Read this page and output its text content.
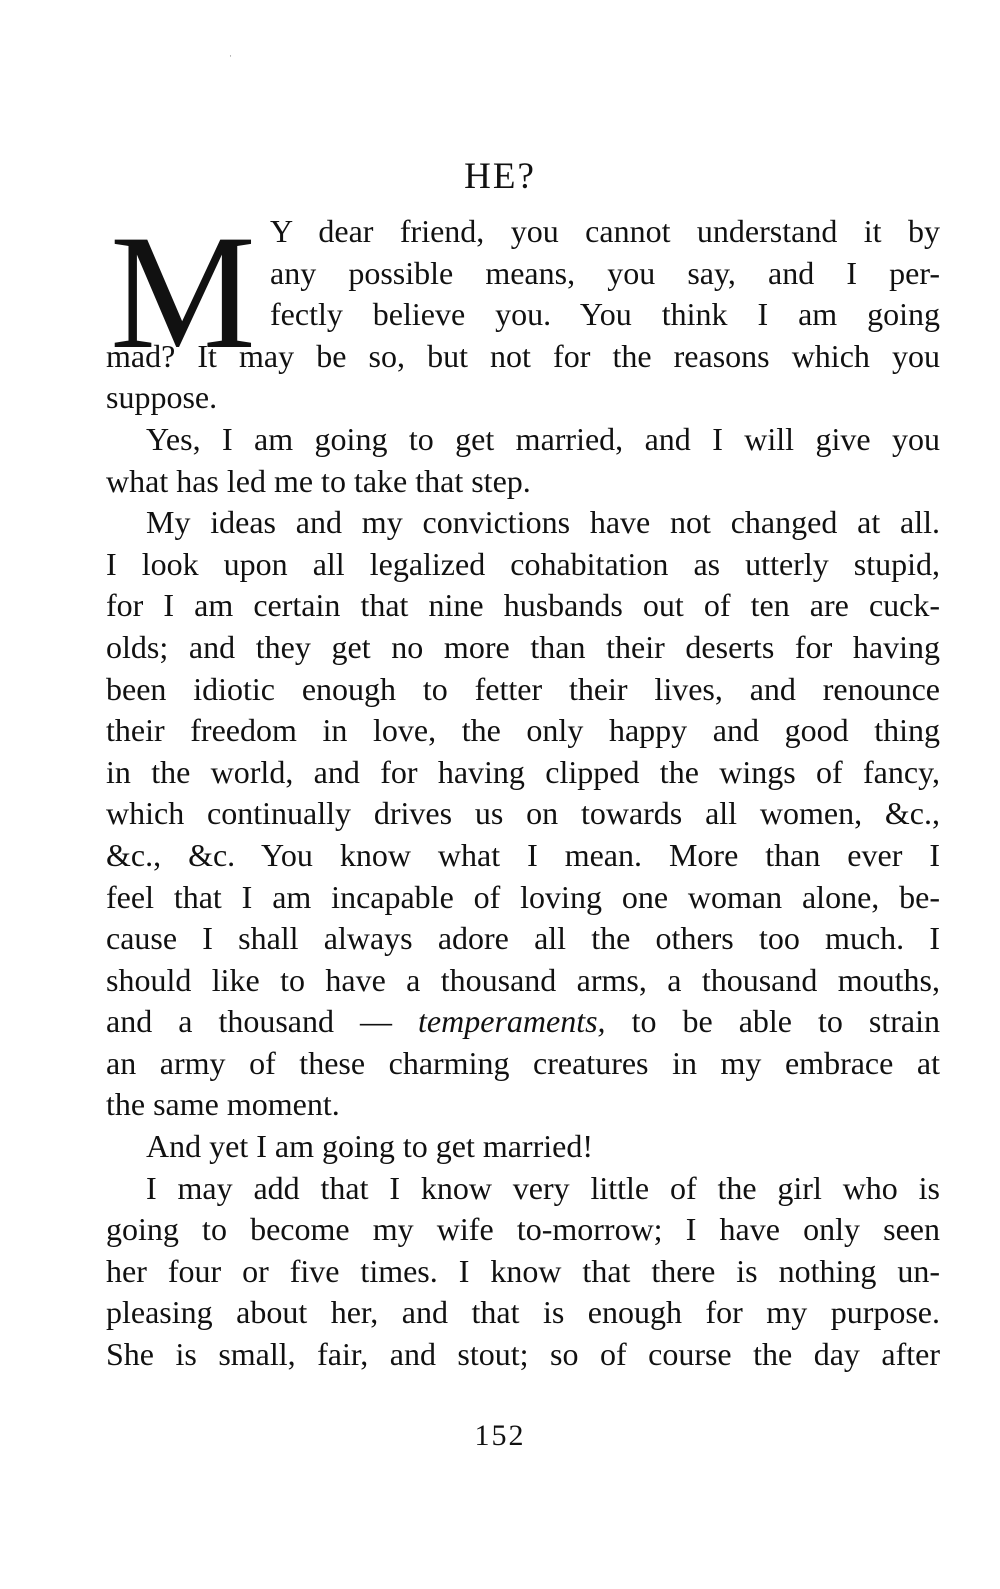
·
HE?
M Y dear friend, you cannot understand it by
any possible means, you say, and I per-
fectly believe you. You think I am going
mad? It may be so, but not for the reasons which you
suppose.
Yes, I am going to get married, and I will give you
what has led me to take that step.
My ideas and my convictions have not changed at all.
I look upon all legalized cohabitation as utterly stupid,
for I am certain that nine husbands out of ten are cuck-
olds; and they get no more than their deserts for having
been idiotic enough to fetter their lives, and renounce
their freedom in love, the only happy and good thing
in the world, and for having clipped the wings of fancy,
which continually drives us on towards all women, &c.,
&c., &c. You know what I mean. More than ever I
feel that I am incapable of loving one woman alone, be-
cause I shall always adore all the others too much. I
should like to have a thousand arms, a thousand mouths,
and a thousand — temperaments, to be able to strain
an army of these charming creatures in my embrace at
the same moment.
And yet I am going to get married!
I may add that I know very little of the girl who is
going to become my wife to-morrow; I have only seen
her four or five times. I know that there is nothing un-
pleasing about her, and that is enough for my purpose.
She is small, fair, and stout; so of course the day after
152
